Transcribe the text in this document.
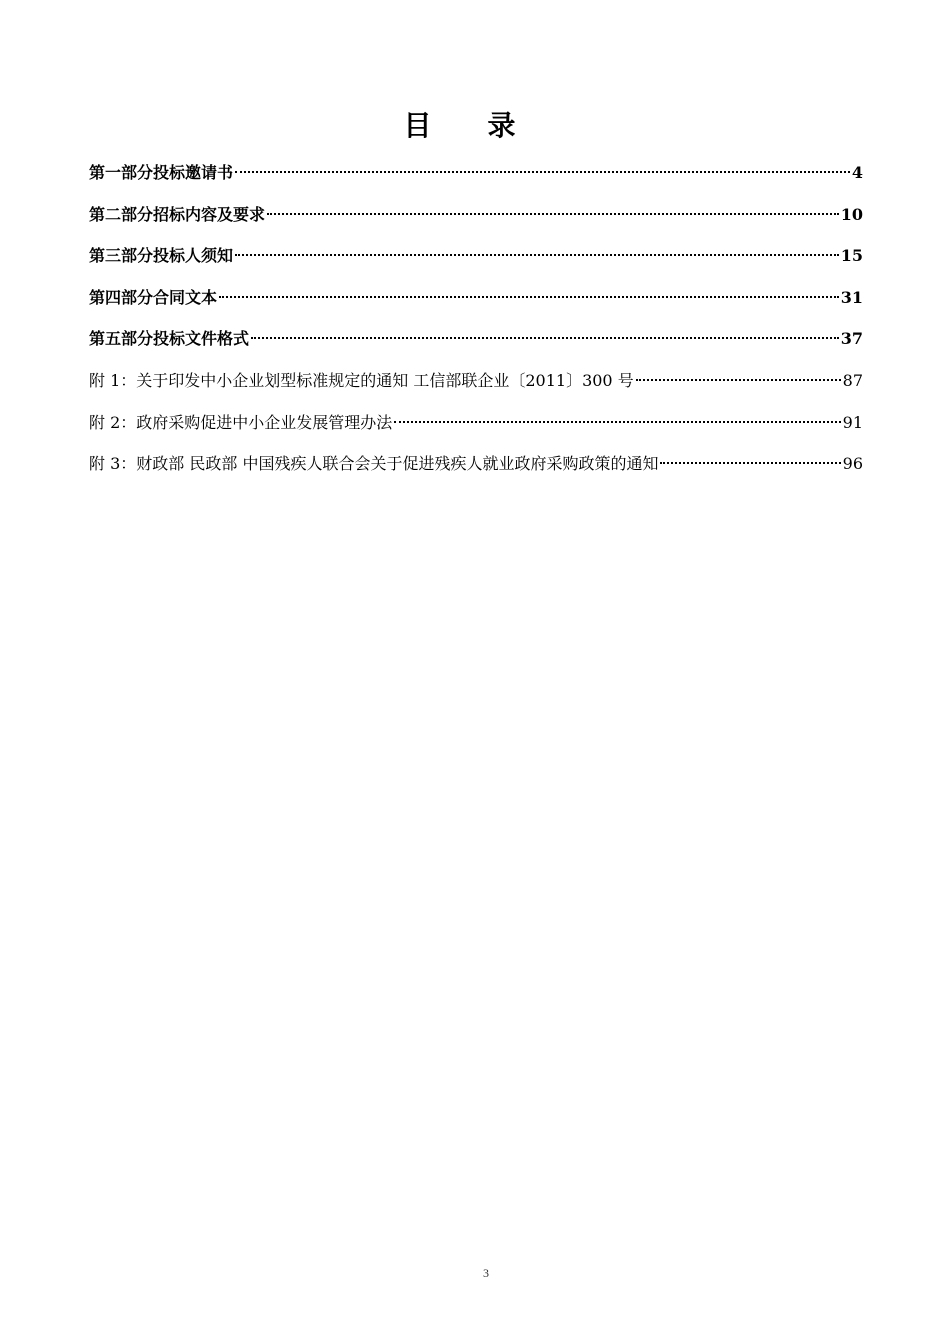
目录
第一部分投标邀请书	4
第二部分招标内容及要求	10
第三部分投标人须知	15
第四部分合同文本	31
第五部分投标文件格式	37
附 1：关于印发中小企业划型标准规定的通知 工信部联企业〔2011〕300 号	87
附 2：政府采购促进中小企业发展管理办法	91
附 3：财政部 民政部 中国残疾人联合会关于促进残疾人就业政府采购政策的通知	96
3
